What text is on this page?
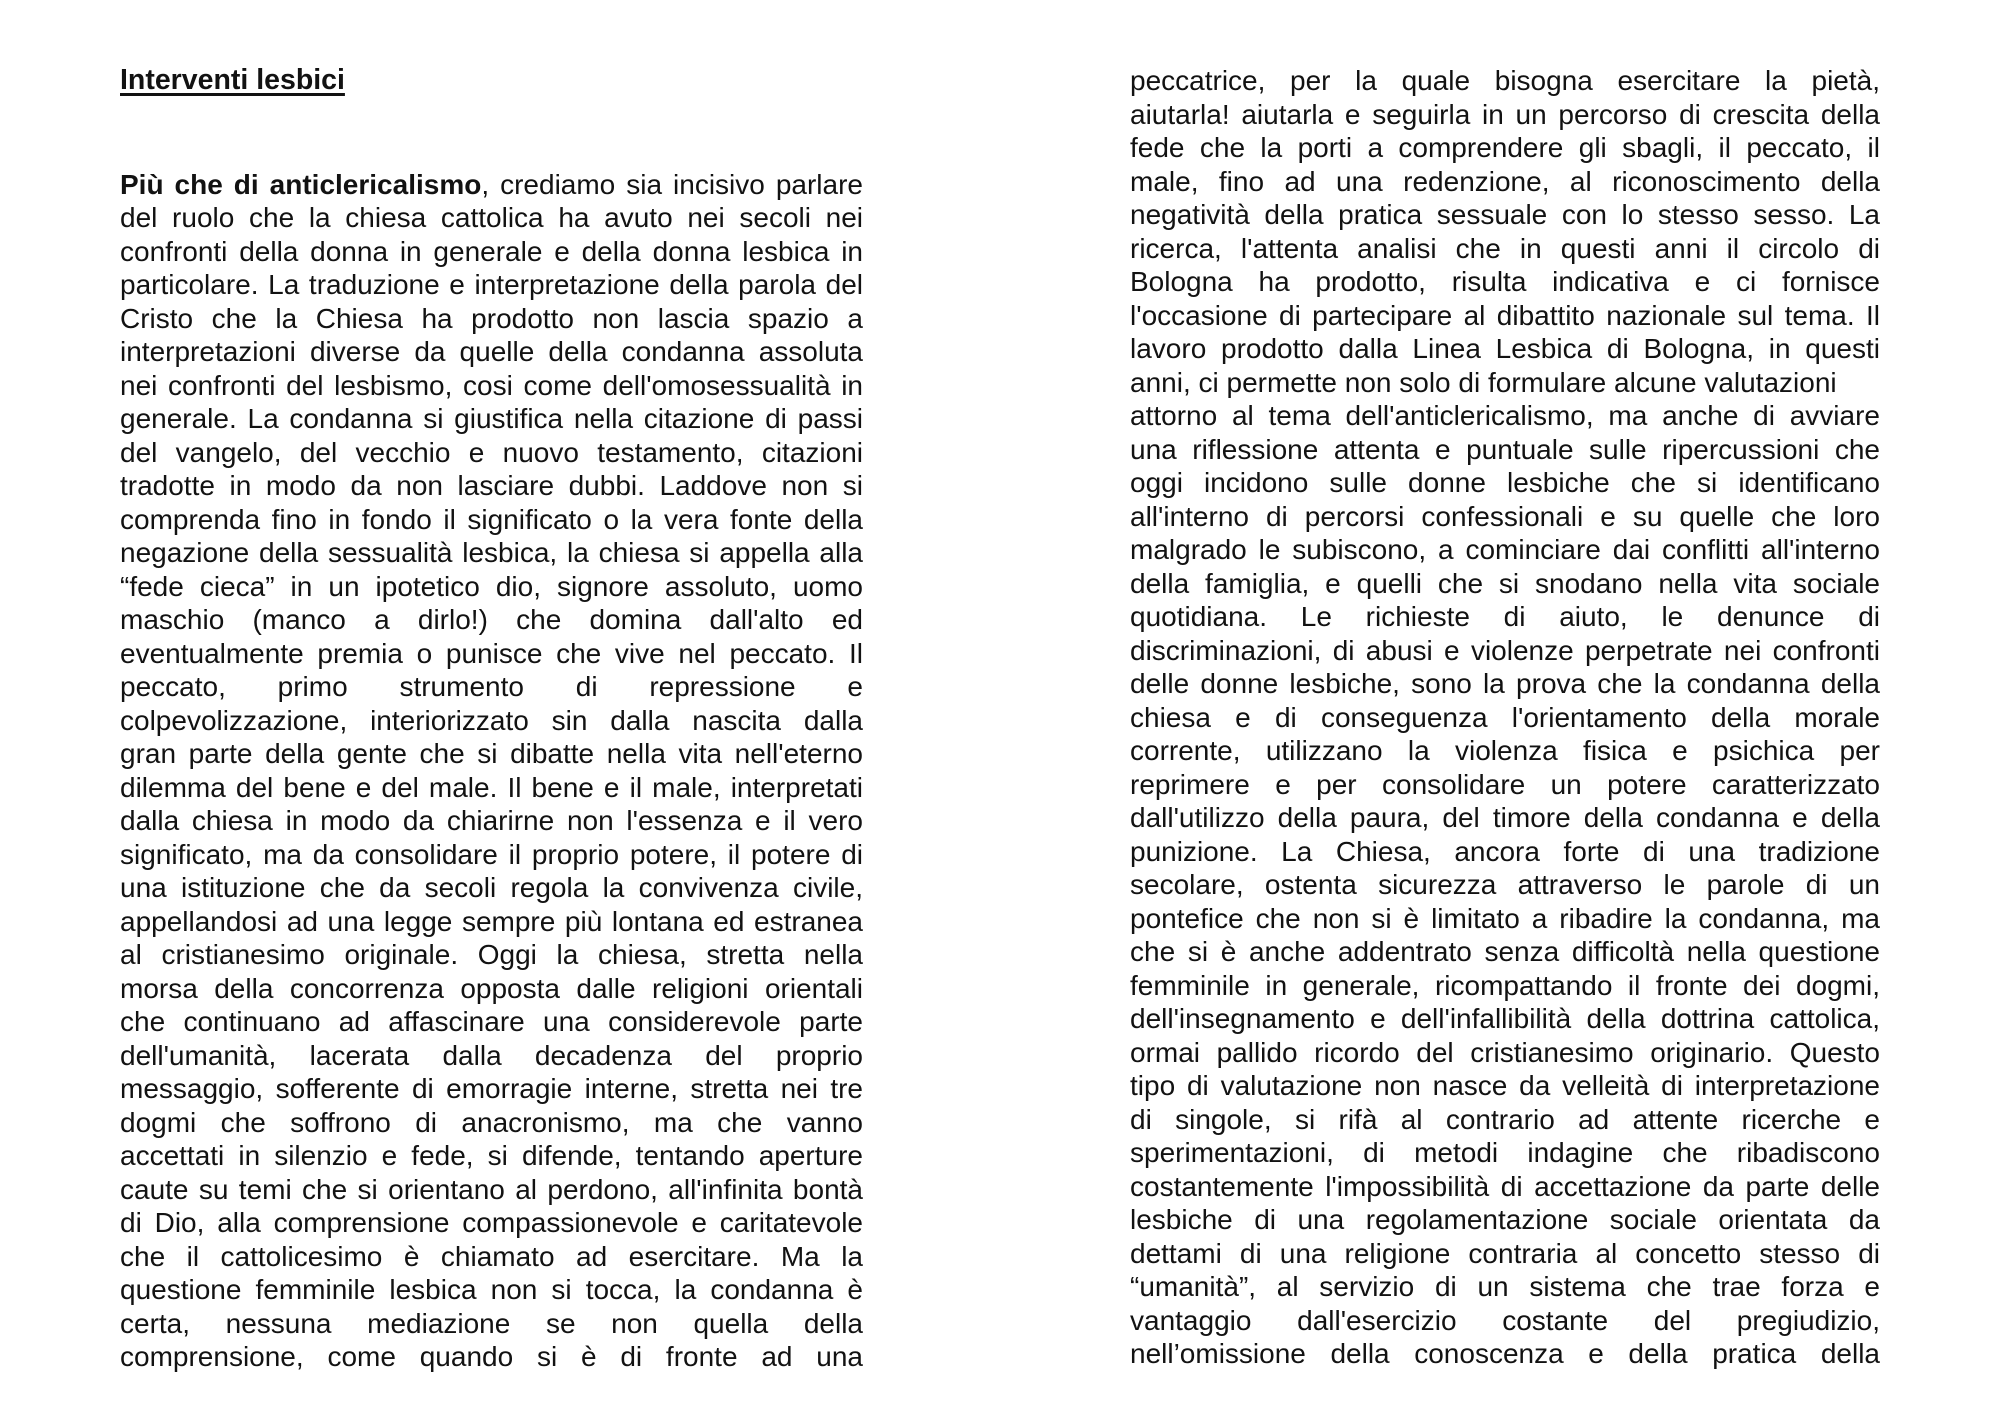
Interventi lesbici
Più che di anticlericalismo, crediamo sia incisivo parlare
del ruolo che la chiesa cattolica ha avuto nei secoli nei
confronti della donna in generale e della donna lesbica in
particolare. La traduzione e interpretazione della parola del
Cristo che la Chiesa ha prodotto non lascia spazio a
interpretazioni diverse da quelle della condanna assoluta
nei confronti del lesbismo, cosi come dell'omosessualità in
generale. La condanna si giustifica nella citazione di passi
del vangelo, del vecchio e nuovo testamento, citazioni
tradotte in modo da non lasciare dubbi. Laddove non si
comprenda fino in fondo il significato o la vera fonte della
negazione della sessualità lesbica, la chiesa si appella alla
“fede cieca” in un ipotetico dio, signore assoluto, uomo
maschio (manco a dirlo!) che domina dall'alto ed
eventualmente premia o punisce che vive nel peccato. Il
peccato, primo strumento di repressione e
colpevolizzazione, interiorizzato sin dalla nascita dalla
gran parte della gente che si dibatte nella vita nell'eterno
dilemma del bene e del male. Il bene e il male, interpretati
dalla chiesa in modo da chiarirne non l'essenza e il vero
significato, ma da consolidare il proprio potere, il potere di
una istituzione che da secoli regola la convivenza civile,
appellandosi ad una legge sempre più lontana ed estranea
al cristianesimo originale. Oggi la chiesa, stretta nella
morsa della concorrenza opposta dalle religioni orientali
che continuano ad affascinare una considerevole parte
dell'umanità, lacerata dalla decadenza del proprio
messaggio, sofferente di emorragie interne, stretta nei tre
dogmi che soffrono di anacronismo, ma che vanno
accettati in silenzio e fede, si difende, tentando aperture
caute su temi che si orientano al perdono, all'infinita bontà
di Dio, alla comprensione compassionevole e caritatevole
che il cattolicesimo è chiamato ad esercitare. Ma la
questione femminile lesbica non si tocca, la condanna è
certa, nessuna mediazione se non quella della
comprensione, come quando si è di fronte ad una
peccatrice, per la quale bisogna esercitare la pietà,
aiutarla! aiutarla e seguirla in un percorso di crescita della
fede che la porti a comprendere gli sbagli, il peccato, il
male, fino ad una redenzione, al riconoscimento della
negatività della pratica sessuale con lo stesso sesso. La
ricerca, l'attenta analisi che in questi anni il circolo di
Bologna ha prodotto, risulta indicativa e ci fornisce
l'occasione di partecipare al dibattito nazionale sul tema. Il
lavoro prodotto dalla Linea Lesbica di Bologna, in questi
anni, ci permette non solo di formulare alcune valutazioni
attorno al tema dell'anticlericalismo, ma anche di avviare
una riflessione attenta e puntuale sulle ripercussioni che
oggi incidono sulle donne lesbiche che si identificano
all'interno di percorsi confessionali e su quelle che loro
malgrado le subiscono, a cominciare dai conflitti all'interno
della famiglia, e quelli che si snodano nella vita sociale
quotidiana. Le richieste di aiuto, le denunce di
discriminazioni, di abusi e violenze perpetrate nei confronti
delle donne lesbiche, sono la prova che la condanna della
chiesa e di conseguenza l'orientamento della morale
corrente, utilizzano la violenza fisica e psichica per
reprimere e per consolidare un potere caratterizzato
dall'utilizzo della paura, del timore della condanna e della
punizione. La Chiesa, ancora forte di una tradizione
secolare, ostenta sicurezza attraverso le parole di un
pontefice che non si è limitato a ribadire la condanna, ma
che si è anche addentrato senza difficoltà nella questione
femminile in generale, ricompattando il fronte dei dogmi,
dell'insegnamento e dell'infallibilità della dottrina cattolica,
ormai pallido ricordo del cristianesimo originario. Questo
tipo di valutazione non nasce da velleità di interpretazione
di singole, si rifà al contrario ad attente ricerche e
sperimentazioni, di metodi indagine che ribadiscono
costantemente l'impossibilità di accettazione da parte delle
lesbiche di una regolamentazione sociale orientata da
dettami di una religione contraria al concetto stesso di
“umanità”, al servizio di un sistema che trae forza e
vantaggio dall'esercizio costante del pregiudizio,
nell’omissione della conoscenza e della pratica della
